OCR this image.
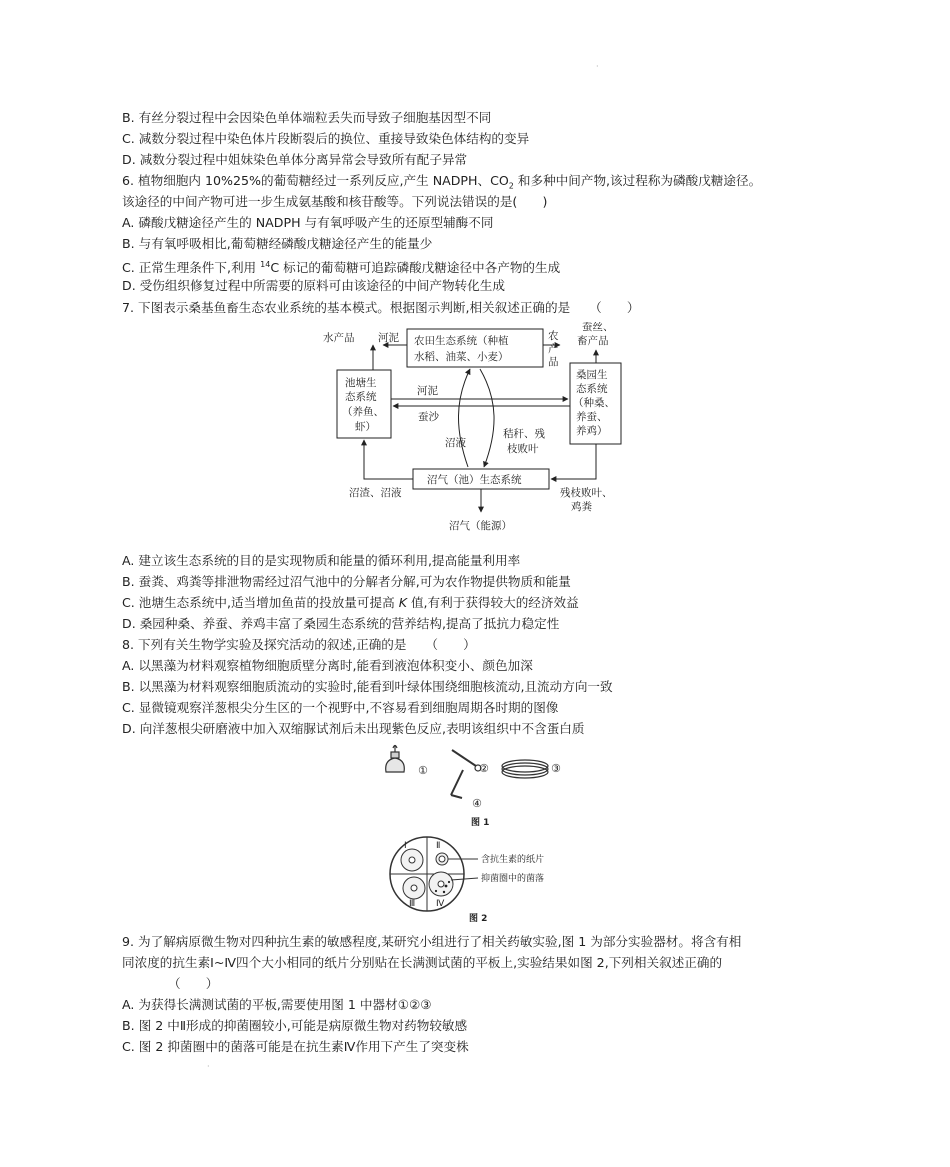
·
B. 有丝分裂过程中会因染色单体端粒丢失而导致子细胞基因型不同
C. 减数分裂过程中染色体片段断裂后的换位、重接导致染色体结构的变异
D. 减数分裂过程中姐妹染色单体分离异常会导致所有配子异常
6. 植物细胞内 10%25%的葡萄糖经过一系列反应,产生 NADPH、$CO_2$ 和多种中间产物,该过程称为磷酸戊糖途径。
该途径的中间产物可进一步生成氨基酸和核苷酸等。下列说法错误的是(　　)
A. 磷酸戊糖途径产生的 NADPH 与有氧呼吸产生的还原型辅酶不同
B. 与有氧呼吸相比,葡萄糖经磷酸戊糖途径产生的能量少
C. 正常生理条件下,利用 $^{14}$C 标记的葡萄糖可追踪磷酸戊糖途径中各产物的生成
D. 受伤组织修复过程中所需要的原料可由该途径的中间产物转化生成
7. 下图表示桑基鱼畜生态农业系统的基本模式。根据图示判断,相关叙述正确的是　　（　　）
农田生态系统（种植
水稻、油菜、小麦）
池塘生
态系统
（养鱼、
虾）
桑园生
态系统
（种桑、
养蚕、
养鸡）
沼气（池）生态系统
水产品 河泥	农
产
品
蚕丝、
畜产品
河泥
蚕沙
沼液
秸秆、残
枝败叶
沼渣、沼液	残枝败叶、
鸡粪
沼气（能源）
A. 建立该生态系统的目的是实现物质和能量的循环利用,提高能量利用率
B. 蚕粪、鸡粪等排泄物需经过沼气池中的分解者分解,可为农作物提供物质和能量
C. 池塘生态系统中,适当增加鱼苗的投放量可提高 K 值,有利于获得较大的经济效益
D. 桑园种桑、养蚕、养鸡丰富了桑园生态系统的营养结构,提高了抵抗力稳定性
8. 下列有关生物学实验及探究活动的叙述,正确的是　　（　　）
A. 以黑藻为材料观察植物细胞质壁分离时,能看到液泡体积变小、颜色加深
B. 以黑藻为材料观察细胞质流动的实验时,能看到叶绿体围绕细胞核流动,且流动方向一致
C. 显微镜观察洋葱根尖分生区的一个视野中,不容易看到细胞周期各时期的图像
D. 向洋葱根尖研磨液中加入双缩脲试剂后未出现紫色反应,表明该组织中不含蛋白质
①	②	③
④
图 1
Ⅰ	Ⅱ
Ⅲ Ⅳ
含抗生素的纸片
抑菌圈中的菌落
图 2
9. 为了解病原微生物对四种抗生素的敏感程度,某研究小组进行了相关药敏实验,图 1 为部分实验器材。将含有相
同浓度的抗生素Ⅰ~Ⅳ四个大小相同的纸片分别贴在长满测试菌的平板上,实验结果如图 2,下列相关叙述正确的
（　　）
A. 为获得长满测试菌的平板,需要使用图 1 中器材①②③
B. 图 2 中Ⅱ形成的抑菌圈较小,可能是病原微生物对药物较敏感
C. 图 2 抑菌圈中的菌落可能是在抗生素Ⅳ作用下产生了突变株
·
